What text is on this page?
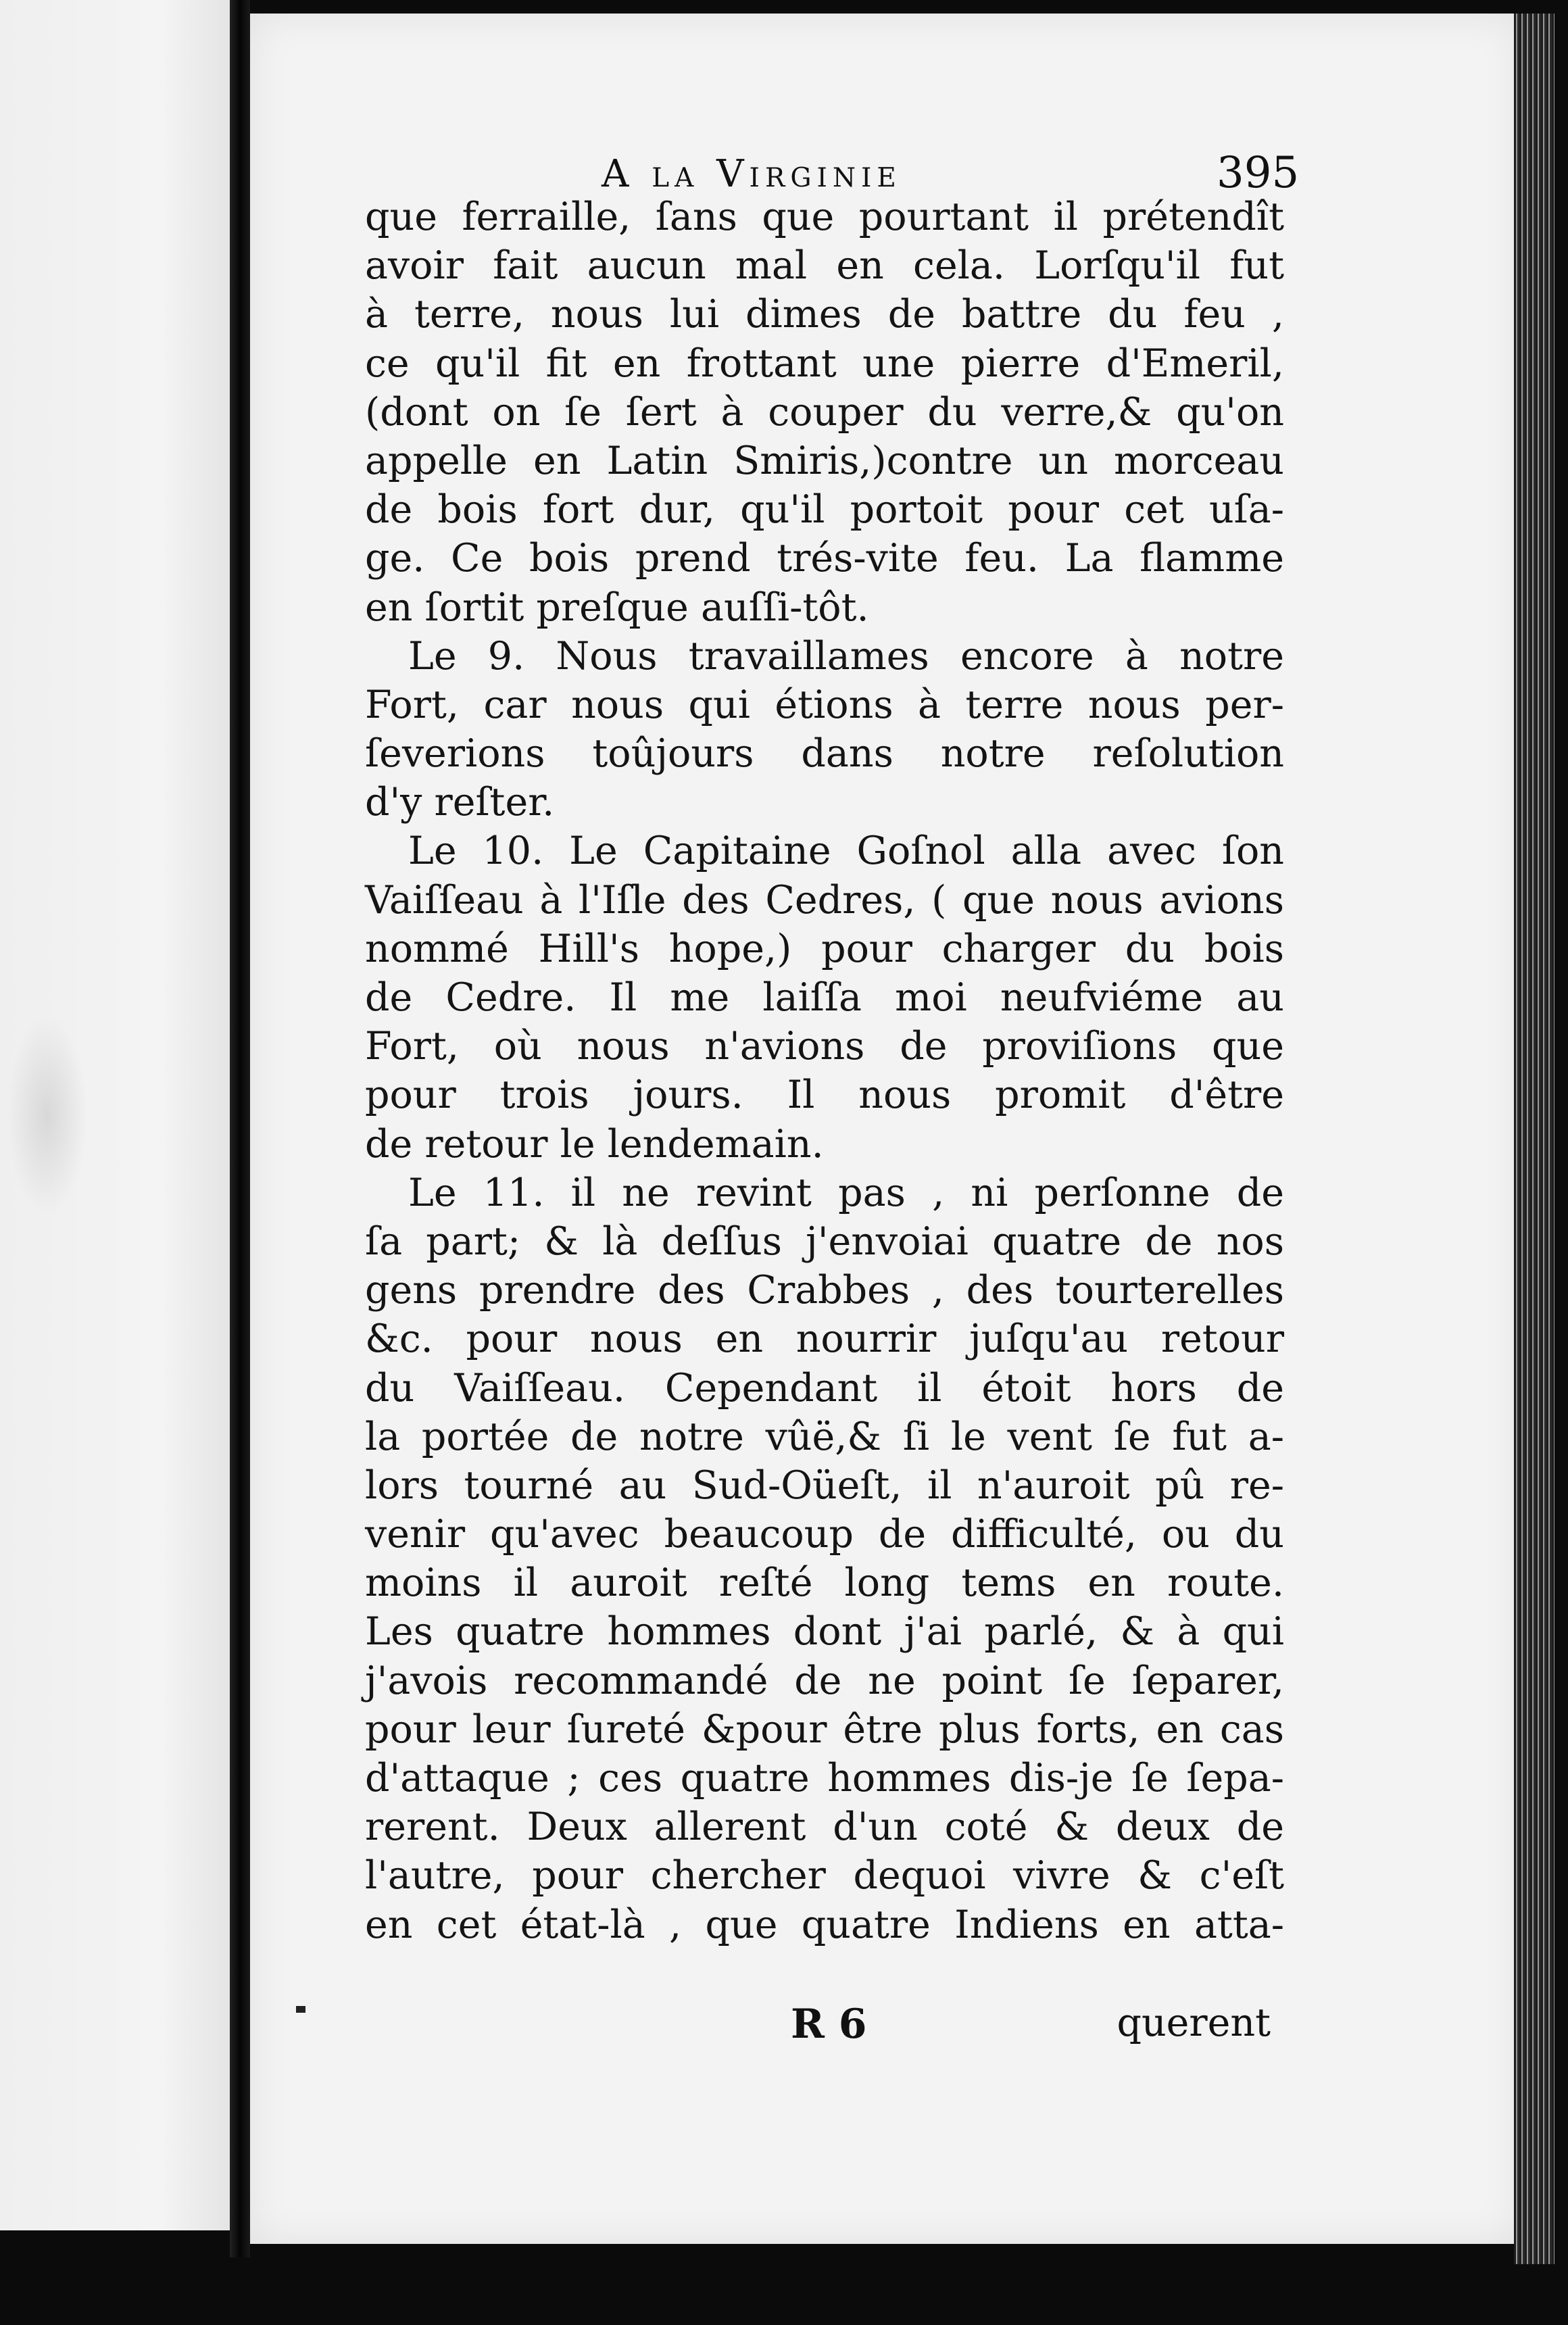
A la Virginie	395
que ferraille, ſans que pourtant il prétendît
avoir fait aucun mal en cela. Lorſqu'il fut
à terre, nous lui dimes de battre du feu ,
ce qu'il fit en frottant une pierre d'Emeril,
(dont on ſe ſert à couper du verre,& qu'on
appelle en Latin Smiris,)contre un morceau
de bois fort dur, qu'il portoit pour cet uſa-
ge. Ce bois prend trés-vite feu. La flamme
en ſortit preſque auſſi-tôt.
Le 9. Nous travaillames encore à notre
Fort, car nous qui étions à terre nous per-
ſeverions toûjours dans notre reſolution
d'y reſter.
Le 10. Le Capitaine Goſnol alla avec ſon
Vaiſſeau à l'Iſle des Cedres, ( que nous avions
nommé Hill's hope,) pour charger du bois
de Cedre. Il me laiſſa moi neufviéme au
Fort, où nous n'avions de proviſions que
pour trois jours. Il nous promit d'être
de retour le lendemain.
Le 11. il ne revint pas , ni perſonne de
ſa part; & là deſſus j'envoiai quatre de nos
gens prendre des Crabbes , des tourterelles
&c. pour nous en nourrir juſqu'au retour
du Vaiſſeau. Cependant il étoit hors de
la portée de notre vûë,& ſi le vent ſe fut a-
lors tourné au Sud-Oüeſt, il n'auroit pû re-
venir qu'avec beaucoup de difficulté, ou du
moins il auroit reſté long tems en route.
Les quatre hommes dont j'ai parlé, & à qui
j'avois recommandé de ne point ſe ſeparer,
pour leur ſureté &pour être plus forts, en cas
d'attaque ; ces quatre hommes dis-je ſe ſepa-
rerent. Deux allerent d'un coté & deux de
l'autre, pour chercher dequoi vivre & c'eſt
en cet état-là , que quatre Indiens en atta-
R 6	querent
